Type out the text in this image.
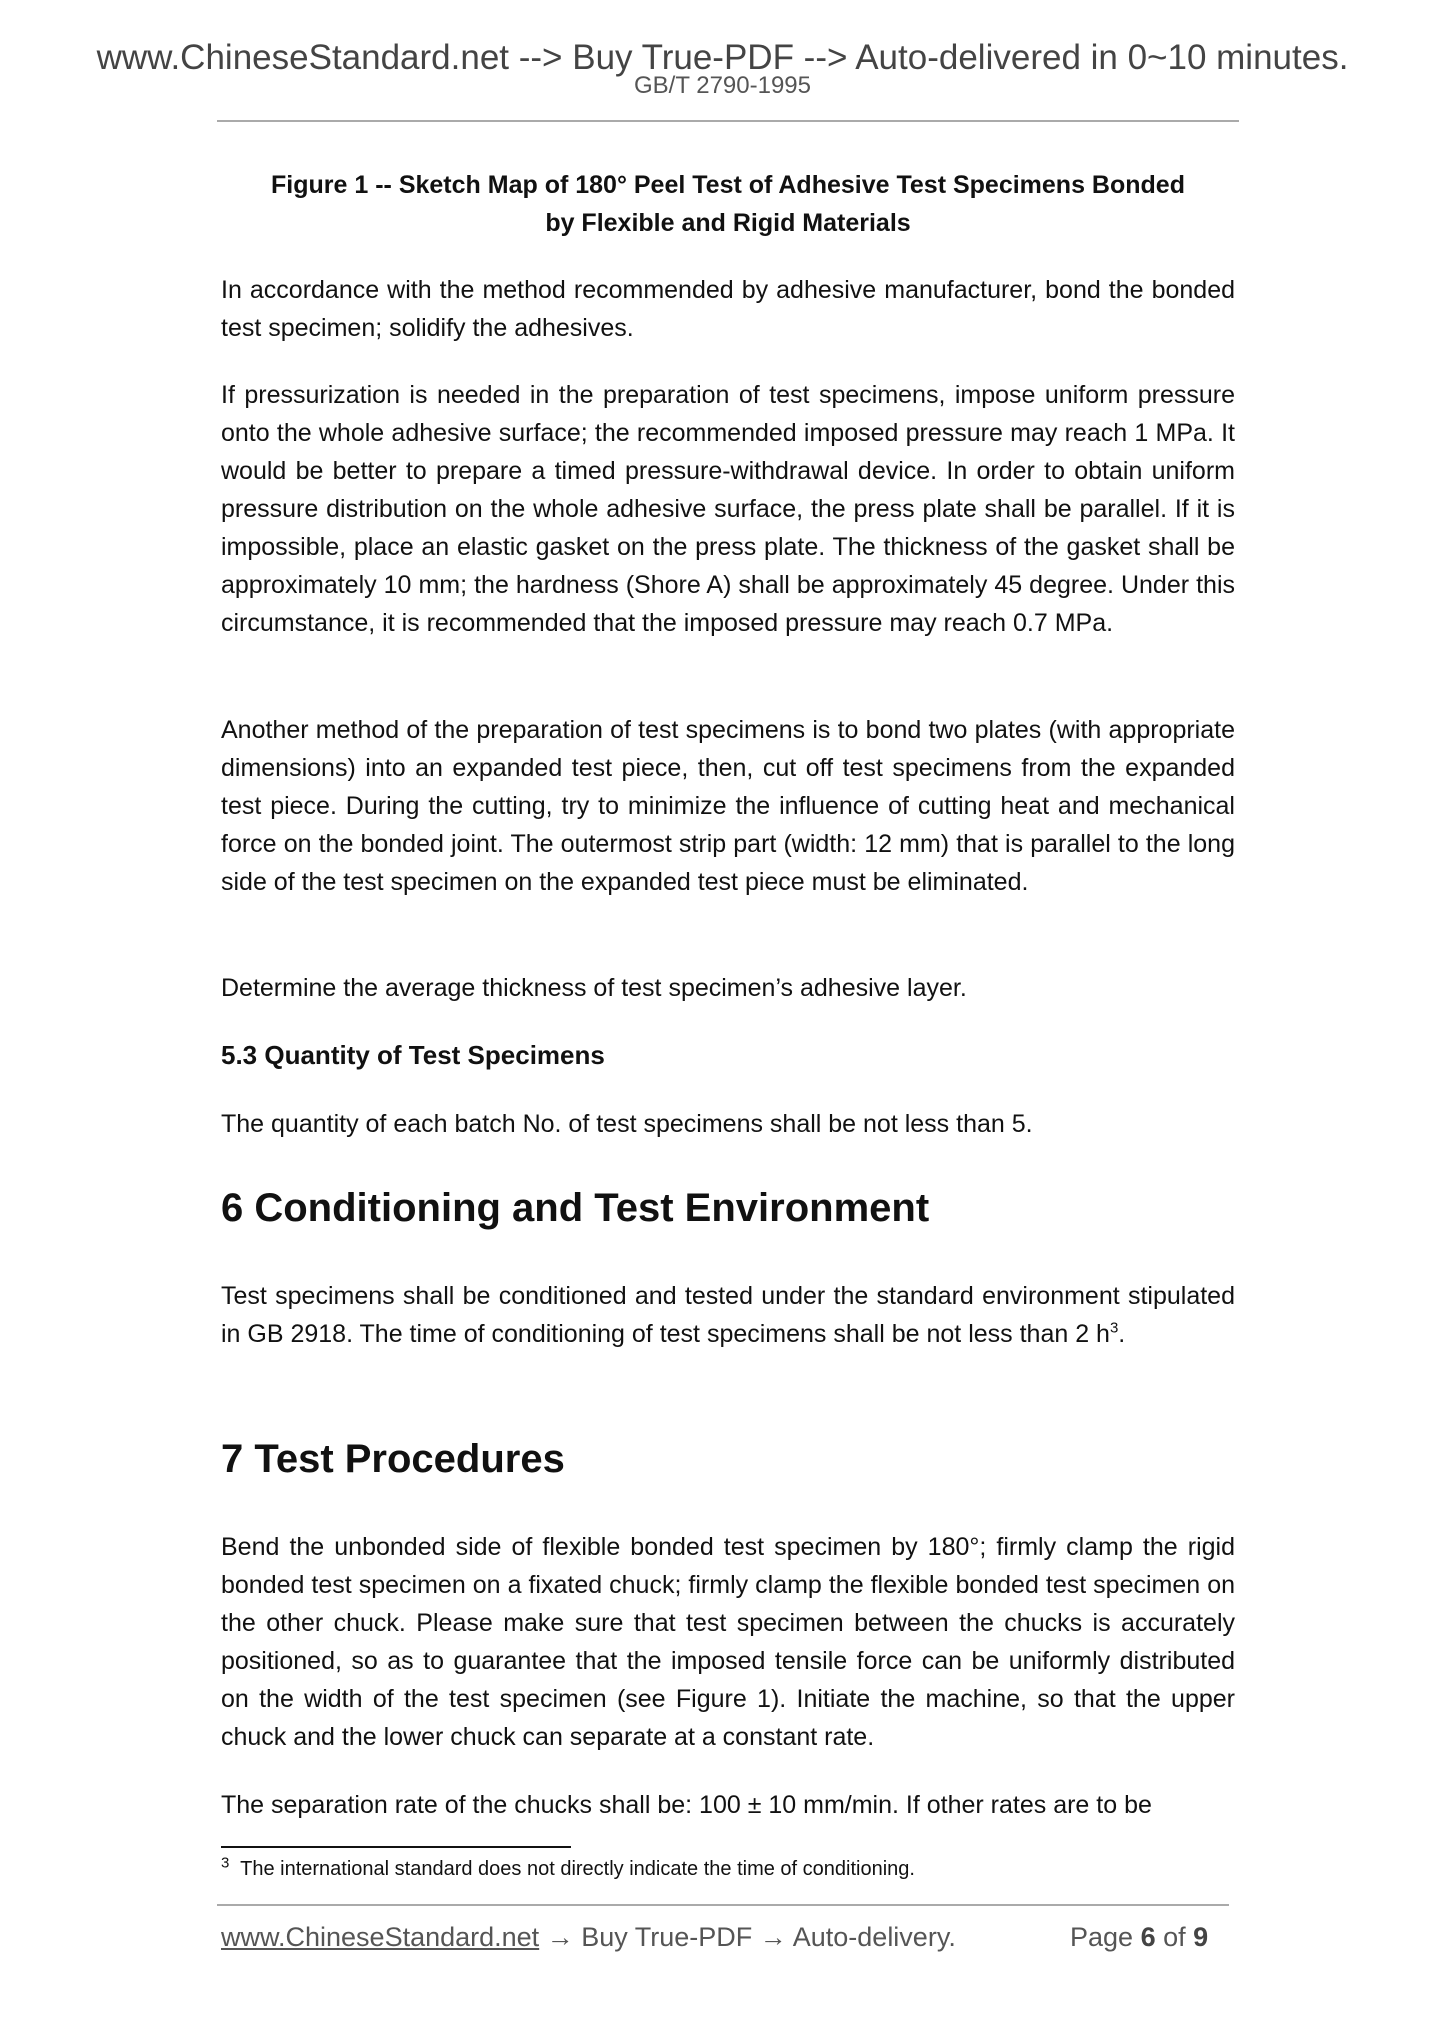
www.ChineseStandard.net --> Buy True-PDF --> Auto-delivered in 0~10 minutes.
GB/T 2790-1995
Figure 1 -- Sketch Map of 180° Peel Test of Adhesive Test Specimens Bonded
by Flexible and Rigid Materials
In accordance with the method recommended by adhesive manufacturer, bond the bonded test specimen; solidify the adhesives.
If pressurization is needed in the preparation of test specimens, impose uniform pressure onto the whole adhesive surface; the recommended imposed pressure may reach 1 MPa. It would be better to prepare a timed pressure-withdrawal device. In order to obtain uniform pressure distribution on the whole adhesive surface, the press plate shall be parallel. If it is impossible, place an elastic gasket on the press plate. The thickness of the gasket shall be approximately 10 mm; the hardness (Shore A) shall be approximately 45 degree. Under this circumstance, it is recommended that the imposed pressure may reach 0.7 MPa.
Another method of the preparation of test specimens is to bond two plates (with appropriate dimensions) into an expanded test piece, then, cut off test specimens from the expanded test piece. During the cutting, try to minimize the influence of cutting heat and mechanical force on the bonded joint. The outermost strip part (width: 12 mm) that is parallel to the long side of the test specimen on the expanded test piece must be eliminated.
Determine the average thickness of test specimen’s adhesive layer.
5.3 Quantity of Test Specimens
The quantity of each batch No. of test specimens shall be not less than 5.
6 Conditioning and Test Environment
Test specimens shall be conditioned and tested under the standard environment stipulated in GB 2918. The time of conditioning of test specimens shall be not less than 2 $h^3$.
7 Test Procedures
Bend the unbonded side of flexible bonded test specimen by 180°; firmly clamp the rigid bonded test specimen on a fixated chuck; firmly clamp the flexible bonded test specimen on the other chuck. Please make sure that test specimen between the chucks is accurately positioned, so as to guarantee that the imposed tensile force can be uniformly distributed on the width of the test specimen (see Figure 1). Initiate the machine, so that the upper chuck and the lower chuck can separate at a constant rate.
The separation rate of the chucks shall be: 100 ± 10 mm/min. If other rates are to be
$^3$ The international standard does not directly indicate the time of conditioning.
www.ChineseStandard.net → Buy True-PDF → Auto-delivery.	Page 6 of 9
